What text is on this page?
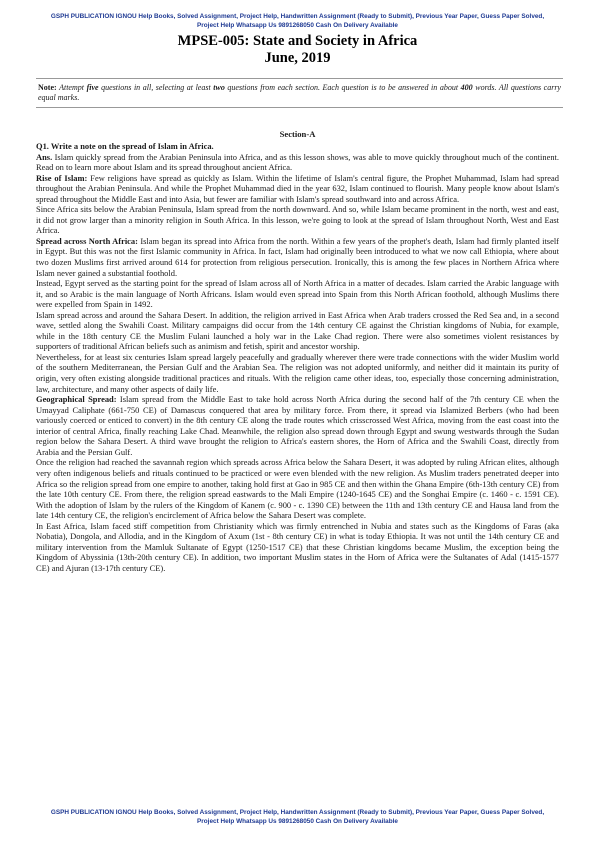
GSPH PUBLICATION IGNOU Help Books, Solved Assignment, Project Help, Handwritten Assignment (Ready to Submit), Previous Year Paper, Guess Paper Solved, Project Help Whatsapp Us 9891268050 Cash On Delivery Available
MPSE-005: State and Society in Africa
June, 2019
Note: Attempt five questions in all, selecting at least two questions from each section. Each question is to be answered in about 400 words. All questions carry equal marks.
Section-A

Q1. Write a note on the spread of Islam in Africa.

Ans. Islam quickly spread from the Arabian Peninsula into Africa, and as this lesson shows, was able to move quickly throughout much of the continent. Read on to learn more about Islam and its spread throughout ancient Africa.

Rise of Islam: Few religions have spread as quickly as Islam. Within the lifetime of Islam's central figure, the Prophet Muhammad, Islam had spread throughout the Arabian Peninsula. And while the Prophet Muhammad died in the year 632, Islam continued to flourish. Many people know about Islam's spread throughout the Middle East and into Asia, but fewer are familiar with Islam's spread southward into and across Africa.

Since Africa sits below the Arabian Peninsula, Islam spread from the north downward. And so, while Islam became prominent in the north, west and east, it did not grow larger than a minority religion in South Africa. In this lesson, we're going to look at the spread of Islam throughout North, West and East Africa.

Spread across North Africa: Islam began its spread into Africa from the north. Within a few years of the prophet's death, Islam had firmly planted itself in Egypt. But this was not the first Islamic community in Africa. In fact, Islam had originally been introduced to what we now call Ethiopia, where about two dozen Muslims first arrived around 614 for protection from religious persecution. Ironically, this is among the few places in Northern Africa where Islam never gained a substantial foothold.

Instead, Egypt served as the starting point for the spread of Islam across all of North Africa in a matter of decades. Islam carried the Arabic language with it, and so Arabic is the main language of North Africans. Islam would even spread into Spain from this North African foothold, although Muslims there were expelled from Spain in 1492.

Islam spread across and around the Sahara Desert. In addition, the religion arrived in East Africa when Arab traders crossed the Red Sea and, in a second wave, settled along the Swahili Coast. Military campaigns did occur from the 14th century CE against the Christian kingdoms of Nubia, for example, while in the 18th century CE the Muslim Fulani launched a holy war in the Lake Chad region. There were also sometimes violent resistances by supporters of traditional African beliefs such as animism and fetish, spirit and ancestor worship.

Nevertheless, for at least six centuries Islam spread largely peacefully and gradually wherever there were trade connections with the wider Muslim world of the southern Mediterranean, the Persian Gulf and the Arabian Sea. The religion was not adopted uniformly, and neither did it maintain its purity of origin, very often existing alongside traditional practices and rituals. With the religion came other ideas, too, especially those concerning administration, law, architecture, and many other aspects of daily life.

Geographical Spread: Islam spread from the Middle East to take hold across North Africa during the second half of the 7th century CE when the Umayyad Caliphate (661-750 CE) of Damascus conquered that area by military force. From there, it spread via Islamized Berbers (who had been variously coerced or enticed to convert) in the 8th century CE along the trade routes which crisscrossed West Africa, moving from the east coast into the interior of central Africa, finally reaching Lake Chad. Meanwhile, the religion also spread down through Egypt and swung westwards through the Sudan region below the Sahara Desert. A third wave brought the religion to Africa's eastern shores, the Horn of Africa and the Swahili Coast, directly from Arabia and the Persian Gulf.

Once the religion had reached the savannah region which spreads across Africa below the Sahara Desert, it was adopted by ruling African elites, although very often indigenous beliefs and rituals continued to be practiced or were even blended with the new religion. As Muslim traders penetrated deeper into Africa so the religion spread from one empire to another, taking hold first at Gao in 985 CE and then within the Ghana Empire (6th-13th century CE) from the late 10th century CE. From there, the religion spread eastwards to the Mali Empire (1240-1645 CE) and the Songhai Empire (c. 1460 - c. 1591 CE). With the adoption of Islam by the rulers of the Kingdom of Kanem (c. 900 - c. 1390 CE) between the 11th and 13th century CE and Hausa land from the late 14th century CE, the religion's encirclement of Africa below the Sahara Desert was complete.

In East Africa, Islam faced stiff competition from Christianity which was firmly entrenched in Nubia and states such as the Kingdoms of Faras (aka Nobatia), Dongola, and Allodia, and in the Kingdom of Axum (1st - 8th century CE) in what is today Ethiopia. It was not until the 14th century CE and military intervention from the Mamluk Sultanate of Egypt (1250-1517 CE) that these Christian kingdoms became Muslim, the exception being the Kingdom of Abyssinia (13th-20th century CE). In addition, two important Muslim states in the Horn of Africa were the Sultanates of Adal (1415-1577 CE) and Ajuran (13-17th century CE).

GSPH PUBLICATION IGNOU Help Books, Solved Assignment, Project Help, Handwritten Assignment (Ready to Submit), Previous Year Paper, Guess Paper Solved, Project Help Whatsapp Us 9891268050 Cash On Delivery Available
